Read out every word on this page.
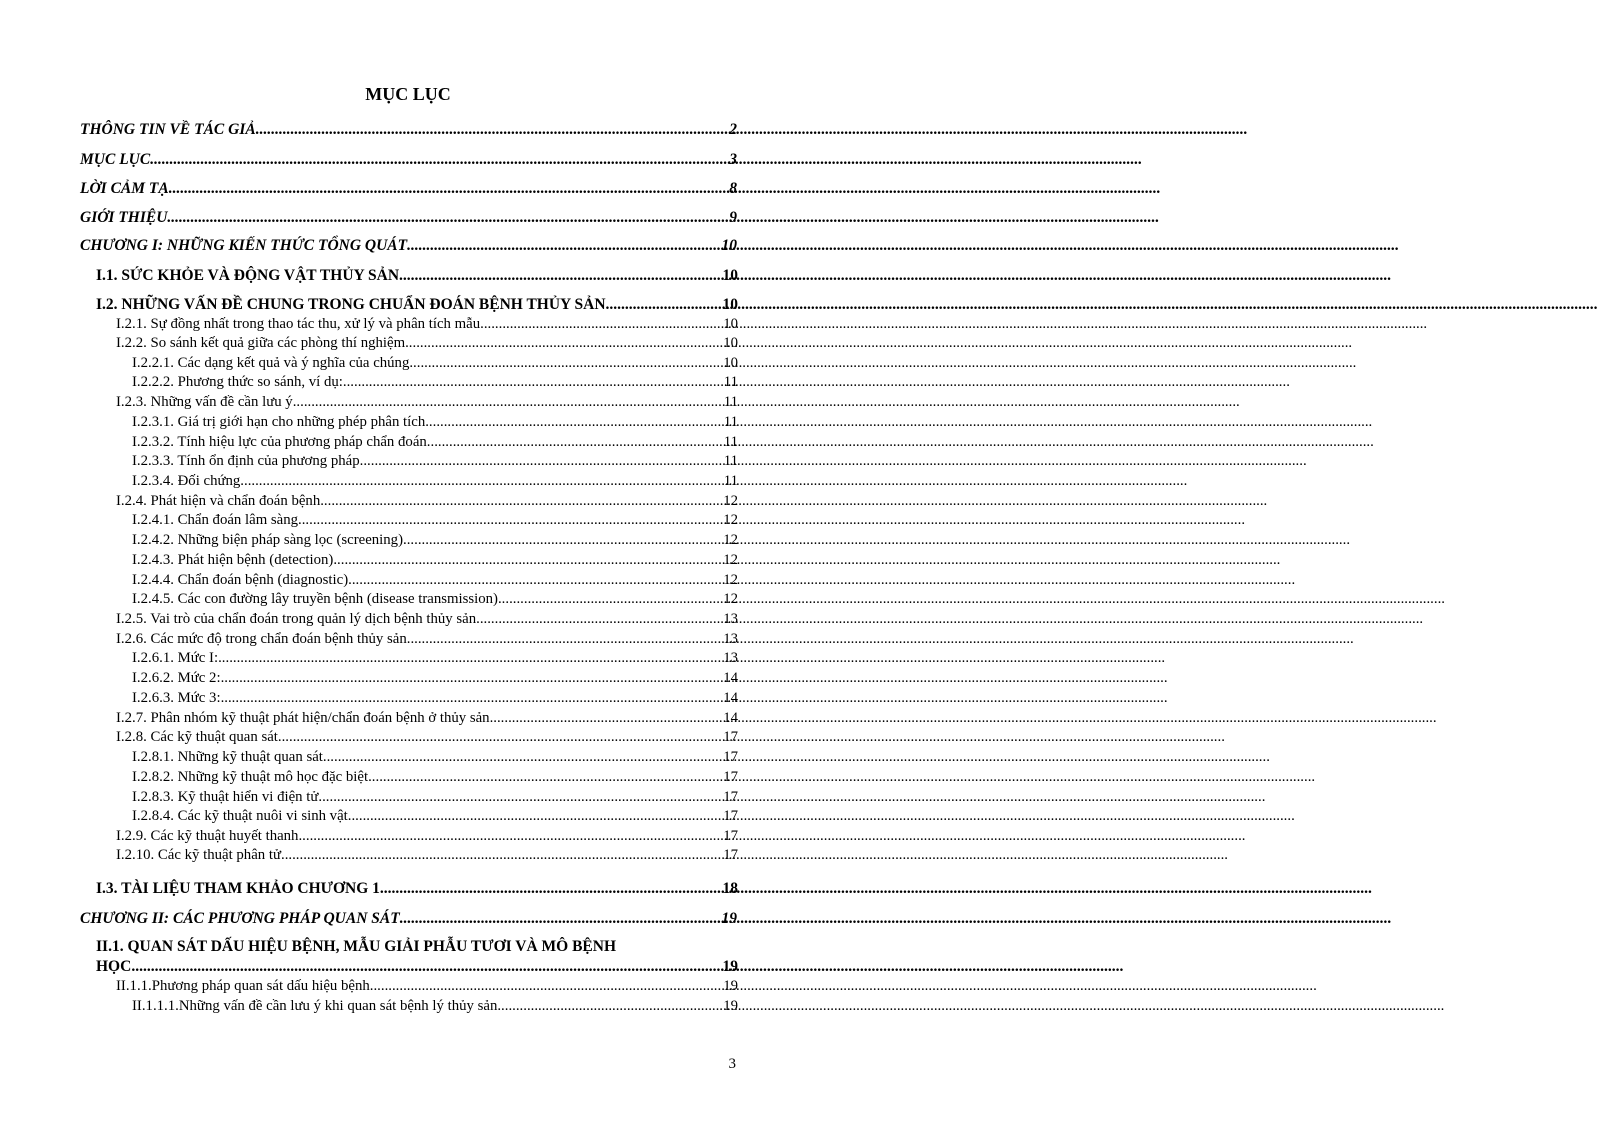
MỤC LỤC
THÔNG TIN VỀ TÁC GIẢ .....	2
MỤC LỤC .....	3
LỜI CẢM TẠ .....	8
GIỚI THIỆU .....	9
CHƯƠNG I: NHỮNG KIẾN THỨC TỔNG QUÁT .....	10
I.1. SỨC KHỎE VÀ ĐỘNG VẬT THỦY SẢN .....	10
I.2. NHỮNG VẤN ĐỀ CHUNG TRONG CHUẨN ĐOÁN BỆNH THỦY SẢN .....	10
I.2.1. Sự đồng nhất trong thao tác thu, xử lý và phân tích mẫu .....	10
I.2.2. So sánh kết quả giữa các phòng thí nghiệm .....	10
I.2.2.1. Các dạng kết quả và ý nghĩa của chúng .....	10
I.2.2.2. Phương thức so sánh, ví dụ: .....	11
I.2.3. Những vấn đề cần lưu ý .....	11
I.2.3.1. Giá trị giới hạn cho những phép phân tích .....	11
I.2.3.2. Tính hiệu lực của phương pháp chẩn đoán .....	11
I.2.3.3. Tính ổn định của phương pháp .....	11
I.2.3.4. Đối chứng .....	11
I.2.4. Phát hiện và chẩn đoán bệnh .....	12
I.2.4.1. Chẩn đoán lâm sàng .....	12
I.2.4.2. Những biện pháp sàng lọc (screening) .....	12
I.2.4.3. Phát hiện bệnh (detection) .....	12
I.2.4.4. Chẩn đoán bệnh (diagnostic) .....	12
I.2.4.5. Các con đường lây truyền bệnh (disease transmission) .....	12
I.2.5. Vai trò của chẩn đoán trong quản lý dịch bệnh thủy sản .....	13
I.2.6. Các mức độ trong chẩn đoán bệnh thủy sản .....	13
I.2.6.1. Mức I: .....	13
I.2.6.2. Mức 2: .....	14
I.2.6.3. Mức 3: .....	14
I.2.7. Phân nhóm kỹ thuật phát hiện/chẩn đoán bệnh ở thủy sản .....	14
I.2.8. Các kỹ thuật quan sát .....	17
I.2.8.1. Những kỹ thuật quan sát .....	17
I.2.8.2. Những kỹ thuật mô học đặc biệt .....	17
I.2.8.3. Kỹ thuật hiển vi điện tử .....	17
I.2.8.4. Các kỹ thuật nuôi vi sinh vật .....	17
I.2.9. Các kỹ thuật huyết thanh .....	17
I.2.10. Các kỹ thuật phân tử .....	17
I.3. TÀI LIỆU THAM KHẢO CHƯƠNG 1 .....	18
CHƯƠNG II: CÁC PHƯƠNG PHÁP QUAN SÁT .....	19
II.1. QUAN SÁT DẤU HIỆU BỆNH, MẪU GIẢI PHẪU TƯƠI VÀ MÔ BỆNH
HỌC .....	19
II.1.1.Phương pháp quan sát dấu hiệu bệnh .....	19
II.1.1.1.Những vấn đề cần lưu ý khi quan sát bệnh lý thủy sản .....	19
3
